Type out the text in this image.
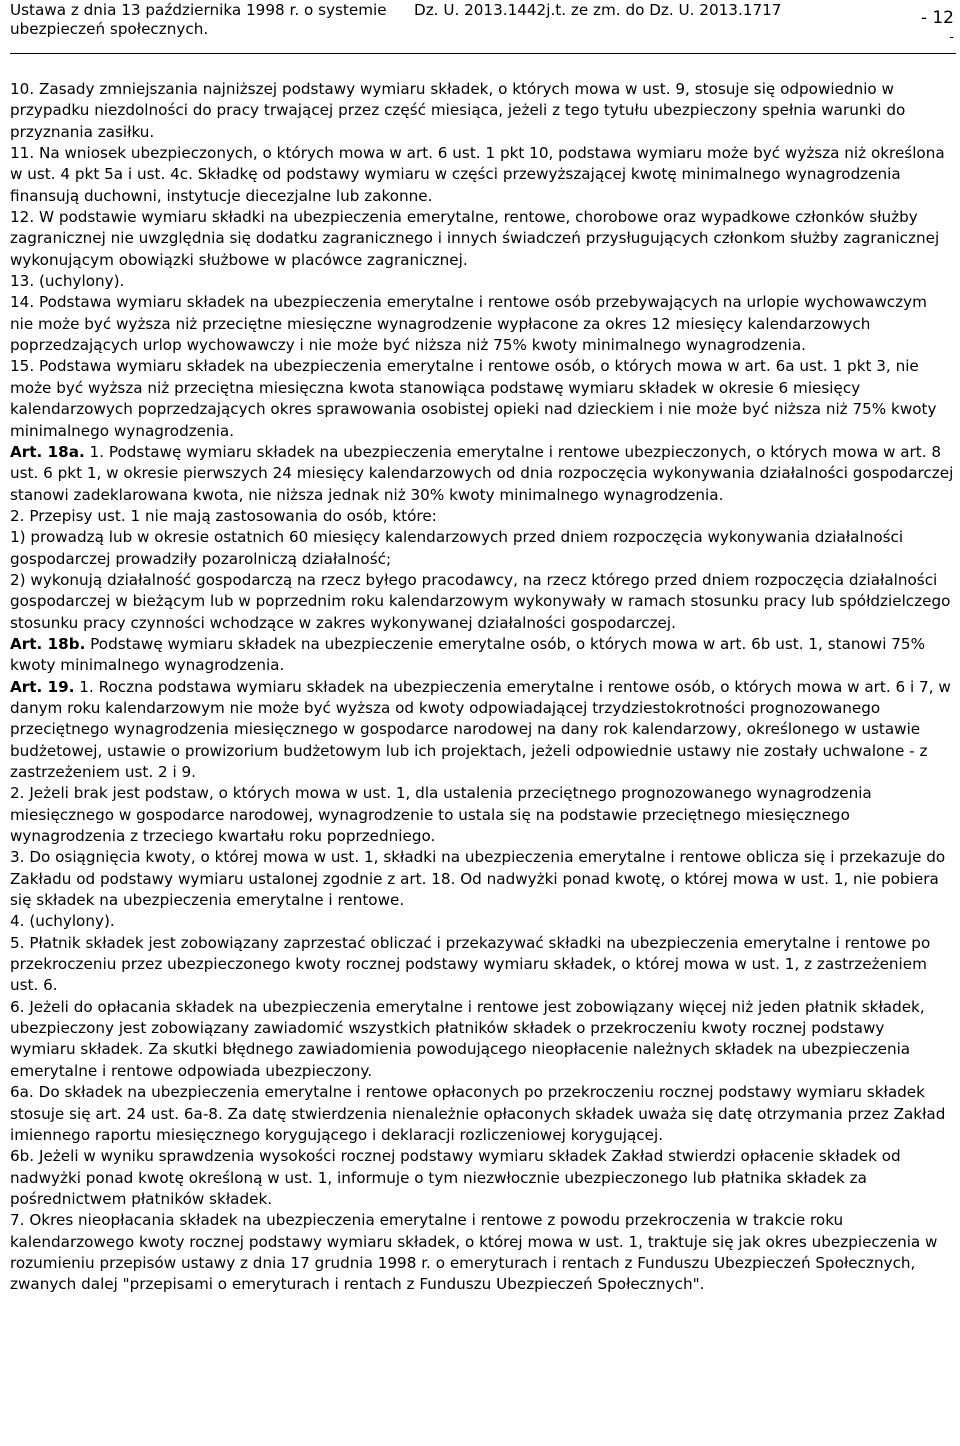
Ustawa z dnia 13 października 1998 r. o systemie
ubezpieczeń społecznych.
Dz. U. 2013.1442j.t. ze zm. do Dz. U. 2013.1717	- 12
-

10. Zasady zmniejszania najniższej podstawy wymiaru składek, o których mowa w ust. 9, stosuje się odpowiednio w przypadku niezdolności do pracy trwającej przez część miesiąca, jeżeli z tego tytułu ubezpieczony spełnia warunki do przyznania zasiłku.

11. Na wniosek ubezpieczonych, o których mowa w art. 6 ust. 1 pkt 10, podstawa wymiaru może być wyższa niż określona w ust. 4 pkt 5a i ust. 4c. Składkę od podstawy wymiaru w części przewyższającej kwotę minimalnego wynagrodzenia finansują duchowni, instytucje diecezjalne lub zakonne.

12. W podstawie wymiaru składki na ubezpieczenia emerytalne, rentowe, chorobowe oraz wypadkowe członków służby zagranicznej nie uwzględnia się dodatku zagranicznego i innych świadczeń przysługujących członkom służby zagranicznej wykonującym obowiązki służbowe w placówce zagranicznej.

13. (uchylony).

14. Podstawa wymiaru składek na ubezpieczenia emerytalne i rentowe osób przebywających na urlopie wychowawczym nie może być wyższa niż przeciętne miesięczne wynagrodzenie wypłacone za okres 12 miesięcy kalendarzowych poprzedzających urlop wychowawczy i nie może być niższa niż 75% kwoty minimalnego wynagrodzenia.

15. Podstawa wymiaru składek na ubezpieczenia emerytalne i rentowe osób, o których mowa w art. 6a ust. 1 pkt 3, nie może być wyższa niż przeciętna miesięczna kwota stanowiąca podstawę wymiaru składek w okresie 6 miesięcy kalendarzowych poprzedzających okres sprawowania osobistej opieki nad dzieckiem i nie może być niższa niż 75% kwoty minimalnego wynagrodzenia.

Art. 18a. 1. Podstawę wymiaru składek na ubezpieczenia emerytalne i rentowe ubezpieczonych, o których mowa w art. 8 ust. 6 pkt 1, w okresie pierwszych 24 miesięcy kalendarzowych od dnia rozpoczęcia wykonywania działalności gospodarczej stanowi zadeklarowana kwota, nie niższa jednak niż 30% kwoty minimalnego wynagrodzenia.

2. Przepisy ust. 1 nie mają zastosowania do osób, które:

1) prowadzą lub w okresie ostatnich 60 miesięcy kalendarzowych przed dniem rozpoczęcia wykonywania działalności gospodarczej prowadziły pozarolniczą działalność;

2) wykonują działalność gospodarczą na rzecz byłego pracodawcy, na rzecz którego przed dniem rozpoczęcia działalności gospodarczej w bieżącym lub w poprzednim roku kalendarzowym wykonywały w ramach stosunku pracy lub spółdzielczego stosunku pracy czynności wchodzące w zakres wykonywanej działalności gospodarczej.

Art. 18b. Podstawę wymiaru składek na ubezpieczenie emerytalne osób, o których mowa w art. 6b ust. 1, stanowi 75% kwoty minimalnego wynagrodzenia.

Art. 19. 1. Roczna podstawa wymiaru składek na ubezpieczenia emerytalne i rentowe osób, o których mowa w art. 6 i 7, w danym roku kalendarzowym nie może być wyższa od kwoty odpowiadającej trzydziestokrotności prognozowanego przeciętnego wynagrodzenia miesięcznego w gospodarce narodowej na dany rok kalendarzowy, określonego w ustawie budżetowej, ustawie o prowizorium budżetowym lub ich projektach, jeżeli odpowiednie ustawy nie zostały uchwalone - z zastrzeżeniem ust. 2 i 9.

2. Jeżeli brak jest podstaw, o których mowa w ust. 1, dla ustalenia przeciętnego prognozowanego wynagrodzenia miesięcznego w gospodarce narodowej, wynagrodzenie to ustala się na podstawie przeciętnego miesięcznego wynagrodzenia z trzeciego kwartału roku poprzedniego.

3. Do osiągnięcia kwoty, o której mowa w ust. 1, składki na ubezpieczenia emerytalne i rentowe oblicza się i przekazuje do Zakładu od podstawy wymiaru ustalonej zgodnie z art. 18. Od nadwyżki ponad kwotę, o której mowa w ust. 1, nie pobiera się składek na ubezpieczenia emerytalne i rentowe.

4. (uchylony).

5. Płatnik składek jest zobowiązany zaprzestać obliczać i przekazywać składki na ubezpieczenia emerytalne i rentowe po przekroczeniu przez ubezpieczonego kwoty rocznej podstawy wymiaru składek, o której mowa w ust. 1, z zastrzeżeniem ust. 6.

6. Jeżeli do opłacania składek na ubezpieczenia emerytalne i rentowe jest zobowiązany więcej niż jeden płatnik składek, ubezpieczony jest zobowiązany zawiadomić wszystkich płatników składek o przekroczeniu kwoty rocznej podstawy wymiaru składek. Za skutki błędnego zawiadomienia powodującego nieopłacenie należnych składek na ubezpieczenia emerytalne i rentowe odpowiada ubezpieczony.

6a. Do składek na ubezpieczenia emerytalne i rentowe opłaconych po przekroczeniu rocznej podstawy wymiaru składek stosuje się art. 24 ust. 6a-8. Za datę stwierdzenia nienależnie opłaconych składek uważa się datę otrzymania przez Zakład imiennego raportu miesięcznego korygującego i deklaracji rozliczeniowej korygującej.

6b. Jeżeli w wyniku sprawdzenia wysokości rocznej podstawy wymiaru składek Zakład stwierdzi opłacenie składek od nadwyżki ponad kwotę określoną w ust. 1, informuje o tym niezwłocznie ubezpieczonego lub płatnika składek za pośrednictwem płatników składek.

7. Okres nieopłacania składek na ubezpieczenia emerytalne i rentowe z powodu przekroczenia w trakcie roku kalendarzowego kwoty rocznej podstawy wymiaru składek, o której mowa w ust. 1, traktuje się jak okres ubezpieczenia w rozumieniu przepisów ustawy z dnia 17 grudnia 1998 r. o emeryturach i rentach z Funduszu Ubezpieczeń Społecznych, zwanych dalej "przepisami o emeryturach i rentach z Funduszu Ubezpieczeń Społecznych".
